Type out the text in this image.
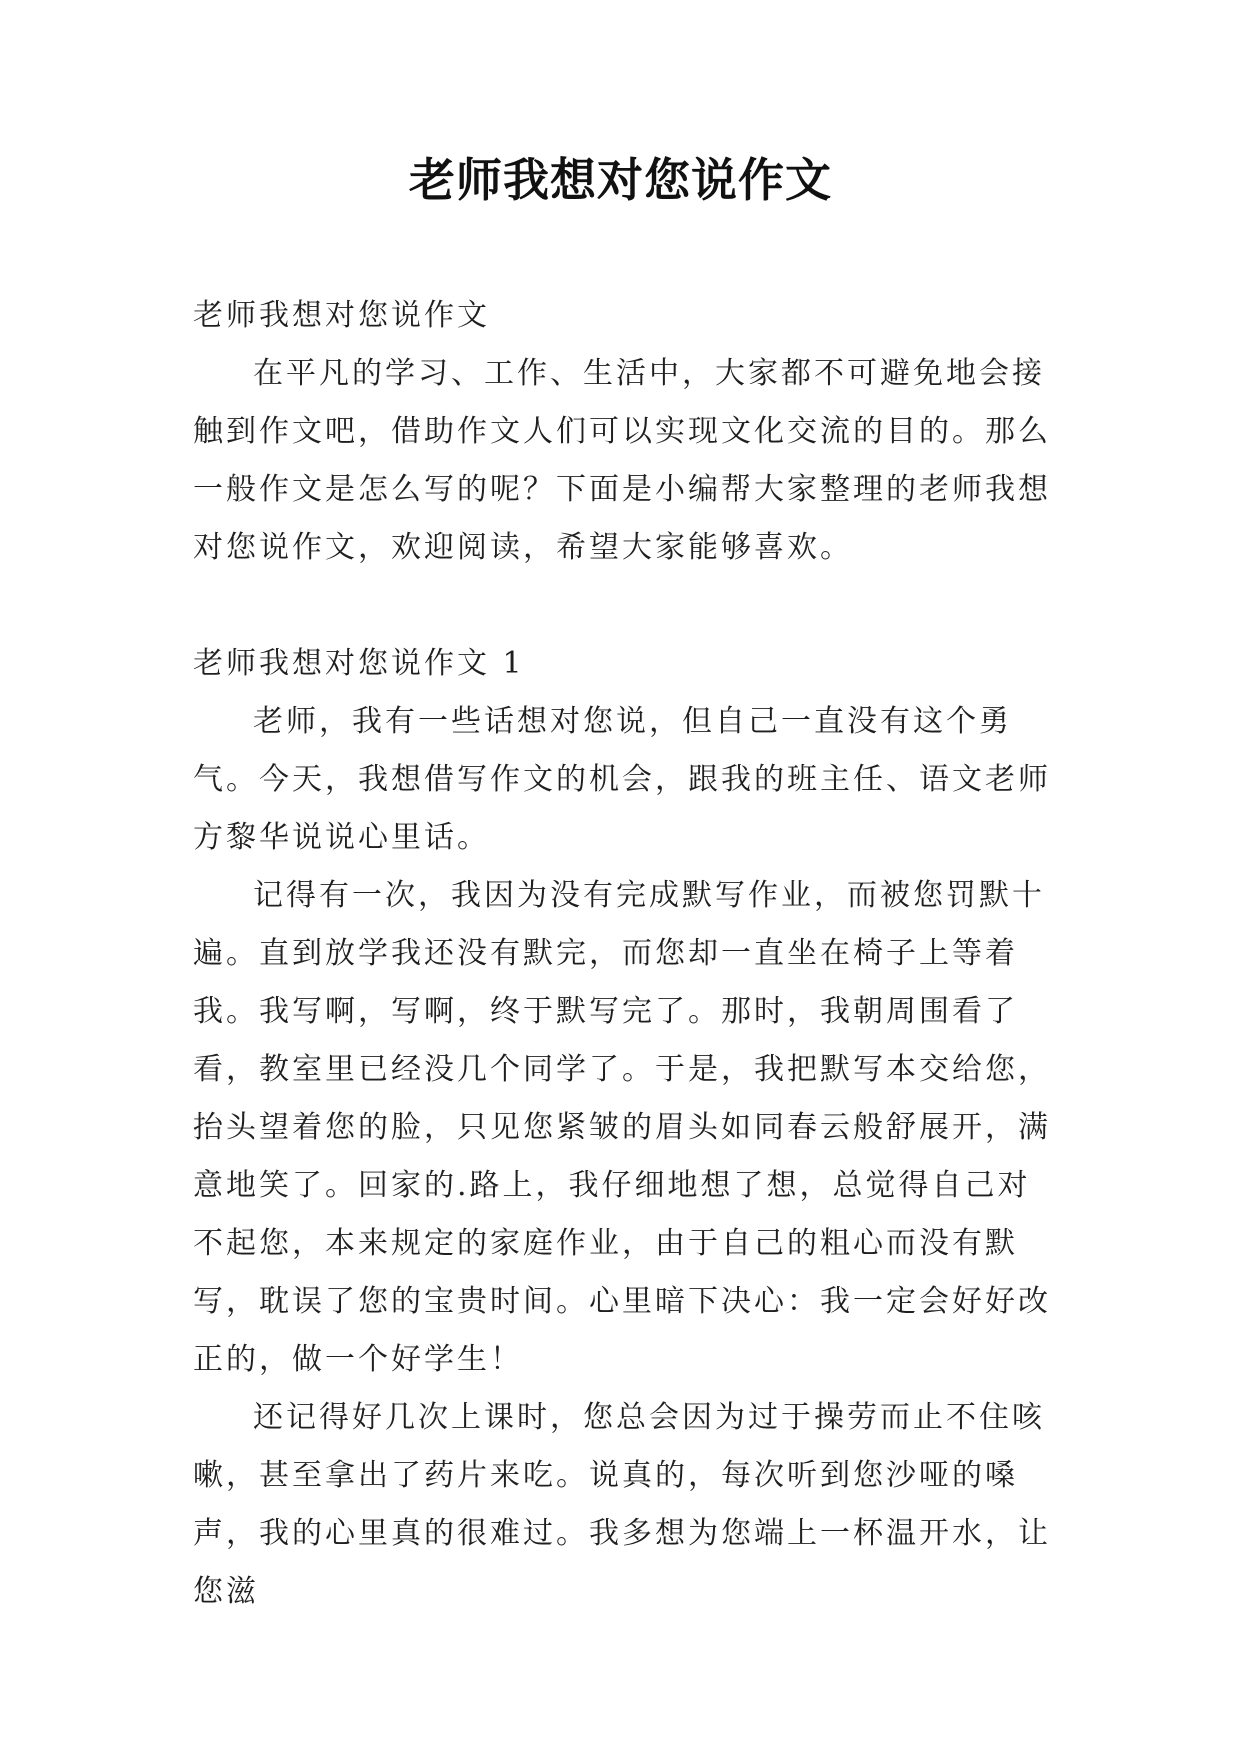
老师我想对您说作文

老师我想对您说作文

在平凡的学习、工作、生活中，大家都不可避免地会接触到作文吧，借助作文人们可以实现文化交流的目的。那么一般作文是怎么写的呢？下面是小编帮大家整理的老师我想对您说作文，欢迎阅读，希望大家能够喜欢。

老师我想对您说作文 1

老师，我有一些话想对您说，但自己一直没有这个勇气。今天，我想借写作文的机会，跟我的班主任、语文老师方黎华说说心里话。

记得有一次，我因为没有完成默写作业，而被您罚默十遍。直到放学我还没有默完，而您却一直坐在椅子上等着我。我写啊，写啊，终于默写完了。那时，我朝周围看了看，教室里已经没几个同学了。于是，我把默写本交给您，抬头望着您的脸，只见您紧皱的眉头如同春云般舒展开，满意地笑了。回家的.路上，我仔细地想了想，总觉得自己对不起您，本来规定的家庭作业，由于自己的粗心而没有默写，耽误了您的宝贵时间。心里暗下决心：我一定会好好改正的，做一个好学生！

还记得好几次上课时，您总会因为过于操劳而止不住咳嗽，甚至拿出了药片来吃。说真的，每次听到您沙哑的嗓声，我的心里真的很难过。我多想为您端上一杯温开水，让您滋
